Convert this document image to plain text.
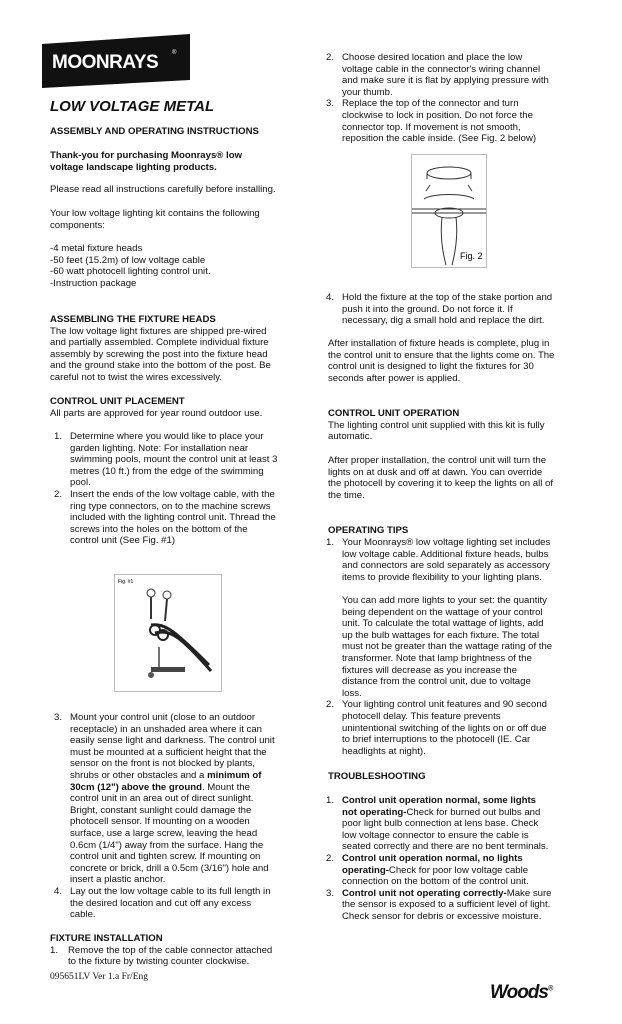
MOONRAYS ®
LOW VOLTAGE METAL

ASSEMBLY AND OPERATING INSTRUCTIONS

Thank-you for purchasing Moonrays® low

voltage landscape lighting products.

Please read all instructions carefully before installing.

Your low voltage lighting kit contains the following

components:

-4 metal fixture heads

-50 feet (15.2m) of low voltage cable

-60 watt photocell lighting control unit.

-Instruction package

ASSEMBLING THE FIXTURE HEADS

The low voltage light fixtures are shipped pre-wired

and partially assembled. Complete individual fixture

assembly by screwing the post into the fixture head

and the ground stake into the bottom of the post. Be

careful not to twist the wires excessively.

CONTROL UNIT PLACEMENT

All parts are approved for year round outdoor use.

1. Determine where you would like to place your
garden lighting. Note: For installation near
swimming pools, mount the control unit at least 3
metres (10 ft.) from the edge of the swimming
pool.
2. Insert the ends of the low voltage cable, with the
ring type connectors, on to the machine screws
included with the lighting control unit. Thread the
screws into the holes on the bottom of the
control unit (See Fig. #1)
3. Mount your control unit (close to an outdoor
receptacle) in an unshaded area where it can
easily sense light and darkness. The control unit
must be mounted at a sufficient height that the
sensor on the front is not blocked by plants,
shrubs or other obstacles and a minimum of
30cm (12") above the ground. Mount the
control unit in an area out of direct sunlight.
Bright, constant sunlight could damage the
photocell sensor. If mounting on a wooden
surface, use a large screw, leaving the head
0.6cm (1/4") away from the surface. Hang the
control unit and tighten screw. If mounting on
concrete or brick, drill a 0.5cm (3/16") hole and
insert a plastic anchor.
4. Lay out the low voltage cable to its full length in
the desired location and cut off any excess
cable.

FIXTURE INSTALLATION

1. Remove the top of the cable connector attached
to the fixture by twisting counter clockwise.
Fig. #1
2. Choose desired location and place the low
voltage cable in the connector's wiring channel
and make sure it is flat by applying pressure with
your thumb.
3. Replace the top of the connector and turn
clockwise to lock in position. Do not force the
connector top. If movement is not smooth,
reposition the cable inside. (See Fig. 2 below)
4. Hold the fixture at the top of the stake portion and
push it into the ground. Do not force it. If
necessary, dig a small hold and replace the dirt.

After installation of fixture heads is complete, plug in

the control unit to ensure that the lights come on. The

control unit is designed to light the fixtures for 30

seconds after power is applied.

CONTROL UNIT OPERATION

The lighting control unit supplied with this kit is fully

automatic.

After proper installation, the control unit will turn the

lights on at dusk and off at dawn. You can override

the photocell by covering it to keep the lights on all of

the time.

OPERATING TIPS

1. Your Moonrays® low voltage lighting set includes
low voltage cable. Additional fixture heads, bulbs
and connectors are sold separately as accessory
items to provide flexibility to your lighting plans.
You can add more lights to your set: the quantity
being dependent on the wattage of your control
unit. To calculate the total wattage of lights, add
up the bulb wattages for each fixture. The total
must not be greater than the wattage rating of the
transformer. Note that lamp brightness of the
fixtures will decrease as you increase the
distance from the control unit, due to voltage
loss.
2. Your lighting control unit features and 90 second
photocell delay. This feature prevents
unintentional switching of the lights on or off due
to brief interruptions to the photocell (IE. Car
headlights at night).

TROUBLESHOOTING

1. Control unit operation normal, some lights
not operating-Check for burned out bulbs and
poor light bulb connection at lens base. Check
low voltage connector to ensure the cable is
seated correctly and there are no bent terminals.
2. Control unit operation normal, no lights
operating-Check for poor low voltage cable
connection on the bottom of the control unit.
3. Control unit not operating correctly-Make sure
the sensor is exposed to a sufficient level of light.
Check sensor for debris or excessive moisture.
Fig. 2
095651LV Ver 1.a Fr/Eng
Woods®
